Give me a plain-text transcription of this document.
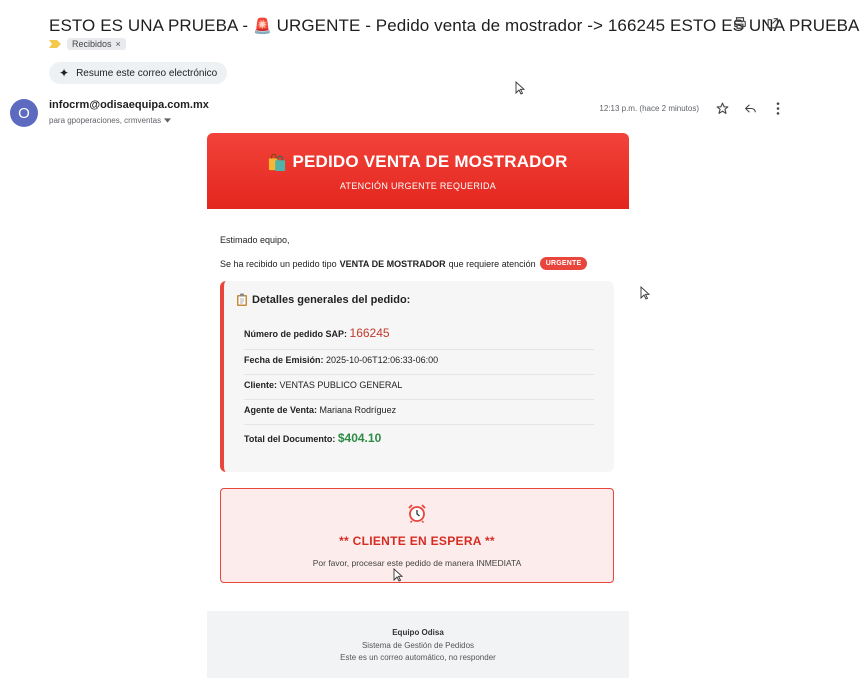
ESTO ES UNA PRUEBA - 🚨 URGENTE - Pedido venta de mostrador -> 166245 ESTO ES UNA PRUEBA
Recibidos ×
✦ Resume este correo electrónico
O	infocrm@odisaequipa.com.mx
para gpoperaciones, crmventas
12:13 p.m. (hace 2 minutos)
PEDIDO VENTA DE MOSTRADOR
ATENCIÓN URGENTE REQUERIDA
Estimado equipo,
Se ha recibido un pedido tipo VENTA DE MOSTRADOR que requiere atención	URGENTE
Detalles generales del pedido:
Número de pedido SAP: 166245
Fecha de Emisión: 2025-10-06T12:06:33-06:00
Cliente: VENTAS PUBLICO GENERAL
Agente de Venta: Mariana Rodríguez
Total del Documento: $404.10
** CLIENTE EN ESPERA **
Por favor, procesar este pedido de manera INMEDIATA
Equipo Odisa
Sistema de Gestión de Pedidos
Este es un correo automático, no responder
